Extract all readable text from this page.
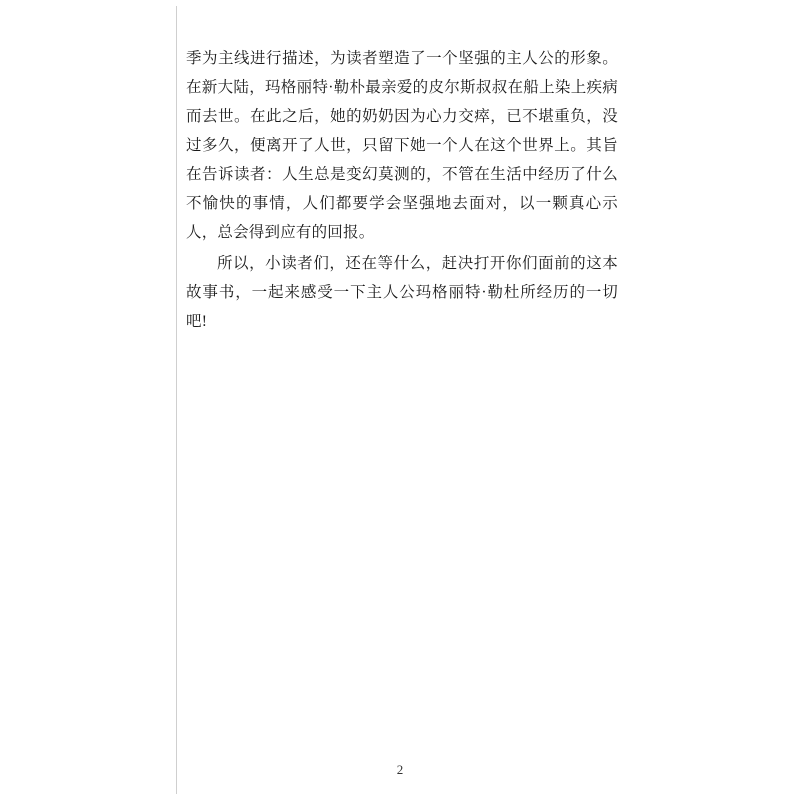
季为主线进行描述，为读者塑造了一个坚强的主人公的形象。在新大陆，玛格丽特·勒朴最亲爱的皮尔斯叔叔在船上染上疾病而去世。在此之后，她的奶奶因为心力交瘁，已不堪重负，没过多久，便离开了人世，只留下她一个人在这个世界上。其旨在告诉读者：人生总是变幻莫测的，不管在生活中经历了什么不愉快的事情，人们都要学会坚强地去面对，以一颗真心示人，总会得到应有的回报。

所以，小读者们，还在等什么，赶决打开你们面前的这本故事书，一起来感受一下主人公玛格丽特·勒杜所经历的一切吧!

2
